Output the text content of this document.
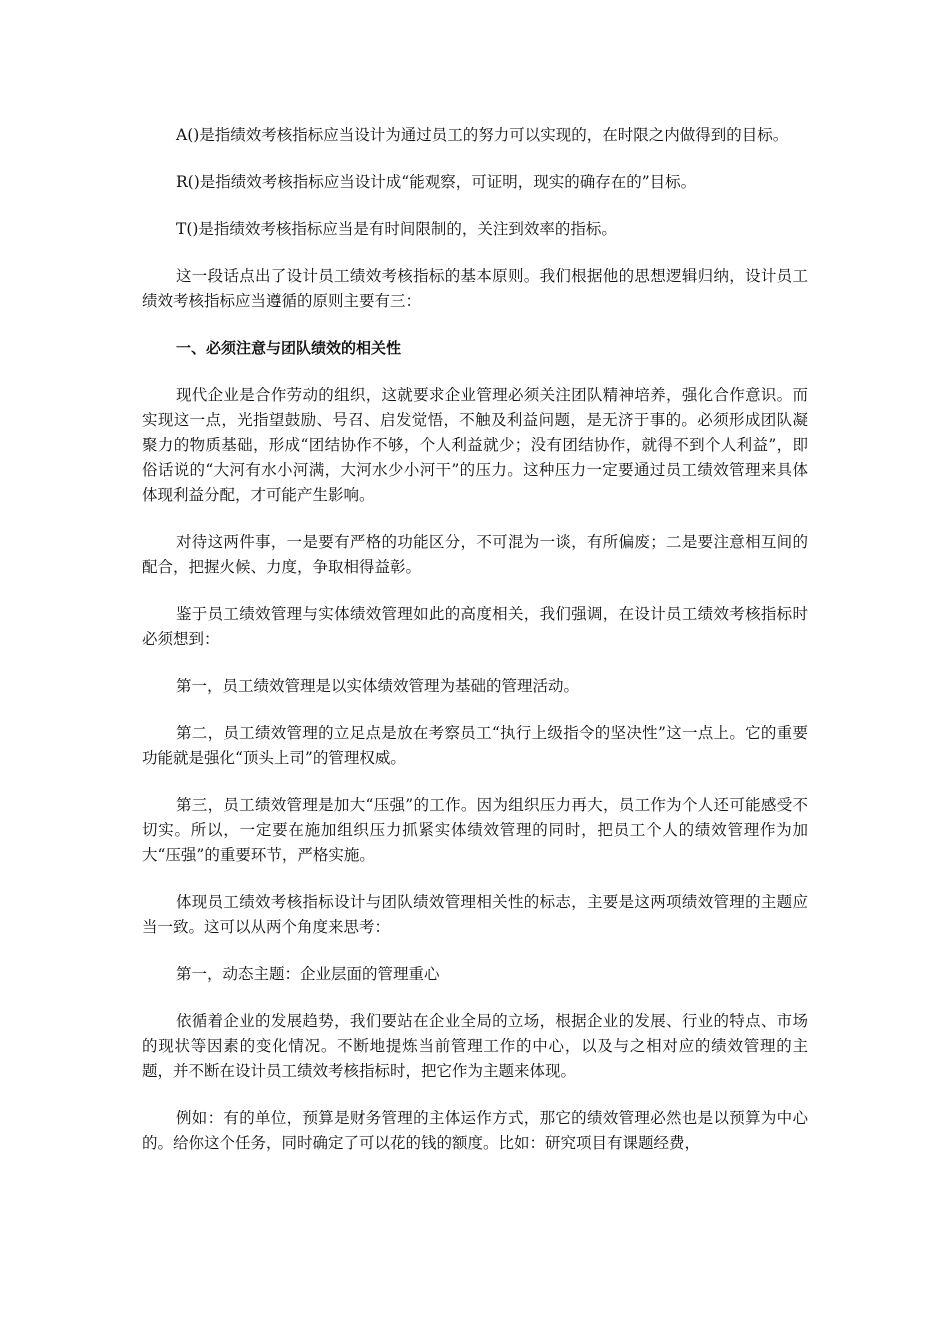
A()是指绩效考核指标应当设计为通过员工的努力可以实现的，在时限之内做得到的目标。

R()是指绩效考核指标应当设计成“能观察，可证明，现实的确存在的”目标。

T()是指绩效考核指标应当是有时间限制的，关注到效率的指标。

这一段话点出了设计员工绩效考核指标的基本原则。我们根据他的思想逻辑归纳，设计员工绩效考核指标应当遵循的原则主要有三：

一、必须注意与团队绩效的相关性

现代企业是合作劳动的组织，这就要求企业管理必须关注团队精神培养，强化合作意识。而实现这一点，光指望鼓励、号召、启发觉悟，不触及利益问题，是无济于事的。必须形成团队凝聚力的物质基础，形成“团结协作不够，个人利益就少；没有团结协作，就得不到个人利益”，即俗话说的“大河有水小河满，大河水少小河干”的压力。这种压力一定要通过员工绩效管理来具体体现利益分配，才可能产生影响。

对待这两件事，一是要有严格的功能区分，不可混为一谈，有所偏废；二是要注意相互间的配合，把握火候、力度，争取相得益彰。

鉴于员工绩效管理与实体绩效管理如此的高度相关，我们强调，在设计员工绩效考核指标时必须想到：

第一，员工绩效管理是以实体绩效管理为基础的管理活动。

第二，员工绩效管理的立足点是放在考察员工“执行上级指令的坚决性”这一点上。它的重要功能就是强化“顶头上司”的管理权威。

第三，员工绩效管理是加大“压强”的工作。因为组织压力再大，员工作为个人还可能感受不切实。所以，一定要在施加组织压力抓紧实体绩效管理的同时，把员工个人的绩效管理作为加大“压强”的重要环节，严格实施。

体现员工绩效考核指标设计与团队绩效管理相关性的标志，主要是这两项绩效管理的主题应当一致。这可以从两个角度来思考：

第一，动态主题：企业层面的管理重心

依循着企业的发展趋势，我们要站在企业全局的立场，根据企业的发展、行业的特点、市场的现状等因素的变化情况。不断地提炼当前管理工作的中心，以及与之相对应的绩效管理的主题，并不断在设计员工绩效考核指标时，把它作为主题来体现。

例如：有的单位，预算是财务管理的主体运作方式，那它的绩效管理必然也是以预算为中心的。给你这个任务，同时确定了可以花的钱的额度。比如：研究项目有课题经费，
